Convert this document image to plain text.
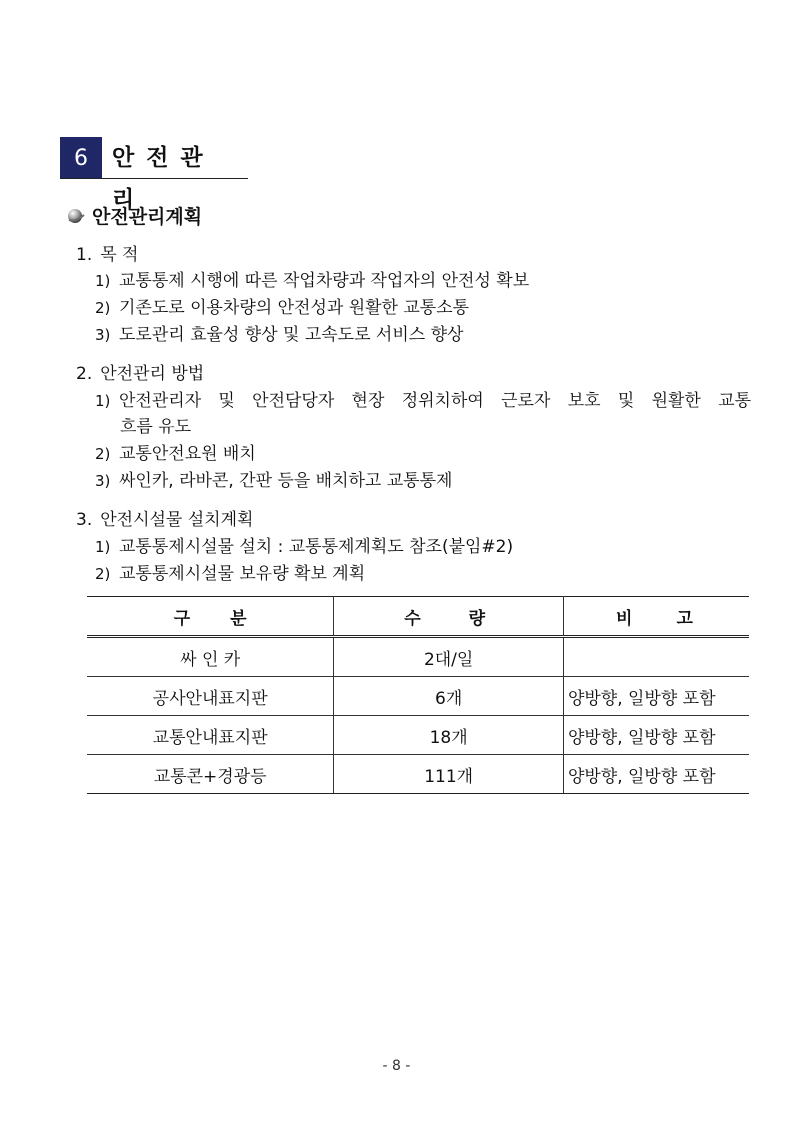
6	안전관리
안전관리계획
1. 목 적
1) 교통통제 시행에 따른 작업차량과 작업자의 안전성 확보
2) 기존도로 이용차량의 안전성과 원활한 교통소통
3) 도로관리 효율성 향상 및 고속도로 서비스 향상
2. 안전관리 방법
1) 안전관리자 및 안전담당자 현장 정위치하여 근로자 보호 및 원활한 교통
흐름 유도
2) 교통안전요원 배치
3) 싸인카, 라바콘, 간판 등을 배치하고 교통통제
3. 안전시설물 설치계획
1) 교통통제시설물 설치 : 교통통제계획도 참조(붙임#2)
2) 교통통제시설물 보유량 확보 계획
구분	수량	비고
싸 인 카	2대/일	
공사안내표지판	6개	양방향, 일방향 포함
교통안내표지판	18개	양방향, 일방향 포함
교통콘+경광등	111개	양방향, 일방향 포함
- 8 -
